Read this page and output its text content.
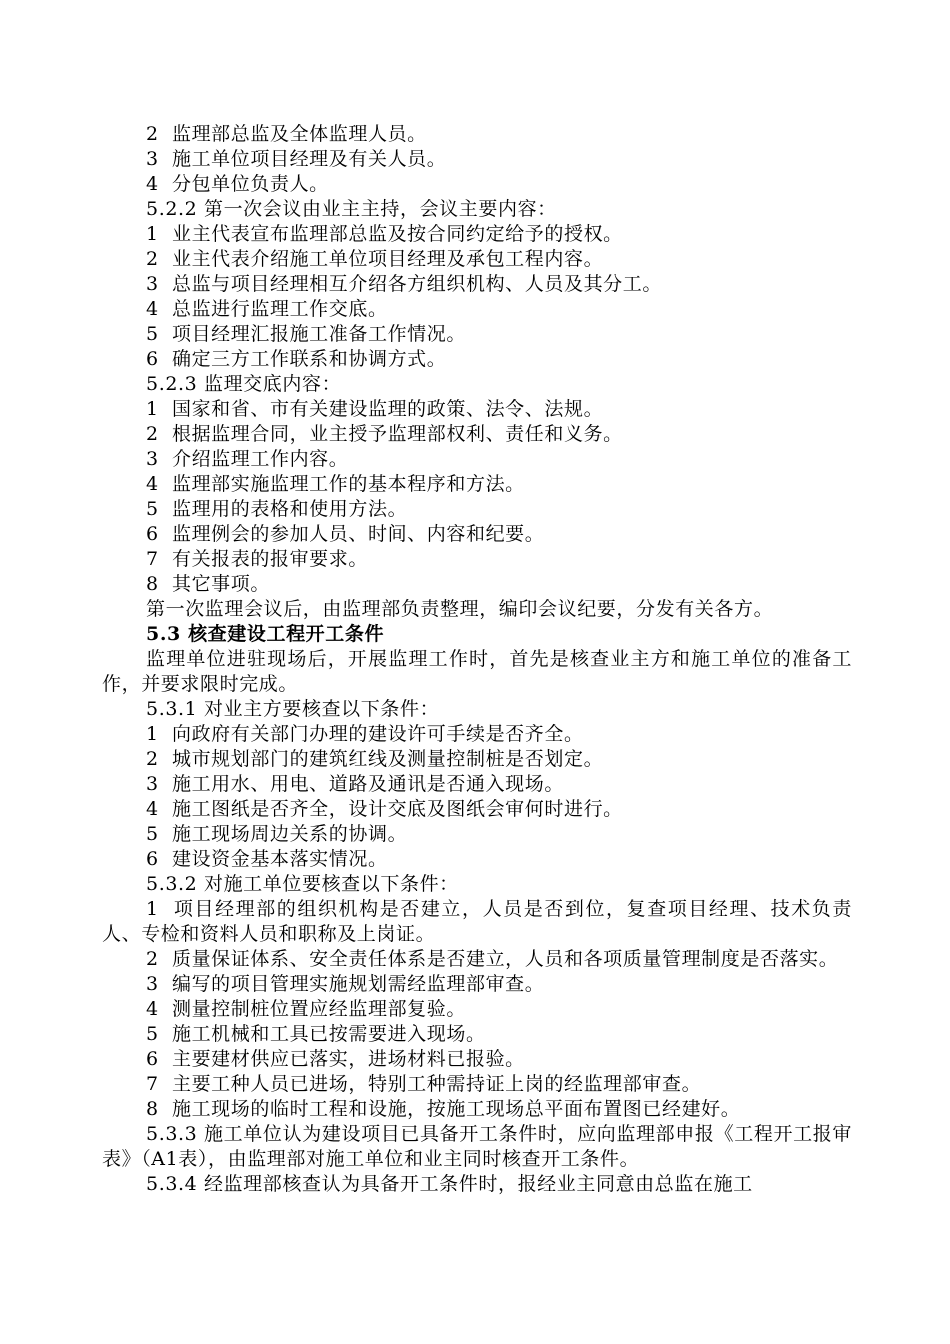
2  监理部总监及全体监理人员。

3  施工单位项目经理及有关人员。

4  分包单位负责人。

5.2.2 第一次会议由业主主持，会议主要内容：

1  业主代表宣布监理部总监及按合同约定给予的授权。

2  业主代表介绍施工单位项目经理及承包工程内容。

3  总监与项目经理相互介绍各方组织机构、人员及其分工。

4  总监进行监理工作交底。

5  项目经理汇报施工准备工作情况。

6  确定三方工作联系和协调方式。

5.2.3 监理交底内容：

1  国家和省、市有关建设监理的政策、法令、法规。

2  根据监理合同，业主授予监理部权利、责任和义务。

3  介绍监理工作内容。

4  监理部实施监理工作的基本程序和方法。

5  监理用的表格和使用方法。

6  监理例会的参加人员、时间、内容和纪要。

7  有关报表的报审要求。

8  其它事项。

第一次监理会议后，由监理部负责整理，编印会议纪要，分发有关各方。

5.3 核查建设工程开工条件

监理单位进驻现场后，开展监理工作时，首先是核查业主方和施工单位的准备工作，并要求限时完成。

5.3.1 对业主方要核查以下条件：

1  向政府有关部门办理的建设许可手续是否齐全。

2  城市规划部门的建筑红线及测量控制桩是否划定。

3  施工用水、用电、道路及通讯是否通入现场。

4  施工图纸是否齐全，设计交底及图纸会审何时进行。

5  施工现场周边关系的协调。

6  建设资金基本落实情况。

5.3.2 对施工单位要核查以下条件：

1  项目经理部的组织机构是否建立，人员是否到位，复查项目经理、技术负责人、专检和资料人员和职称及上岗证。

2  质量保证体系、安全责任体系是否建立，人员和各项质量管理制度是否落实。

3  编写的项目管理实施规划需经监理部审查。

4  测量控制桩位置应经监理部复验。

5  施工机械和工具已按需要进入现场。

6  主要建材供应已落实，进场材料已报验。

7  主要工种人员已进场，特别工种需持证上岗的经监理部审查。

8  施工现场的临时工程和设施，按施工现场总平面布置图已经建好。

5.3.3 施工单位认为建设项目已具备开工条件时，应向监理部申报《工程开工报审表》（A1表），由监理部对施工单位和业主同时核查开工条件。

5.3.4 经监理部核查认为具备开工条件时，报经业主同意由总监在施工
